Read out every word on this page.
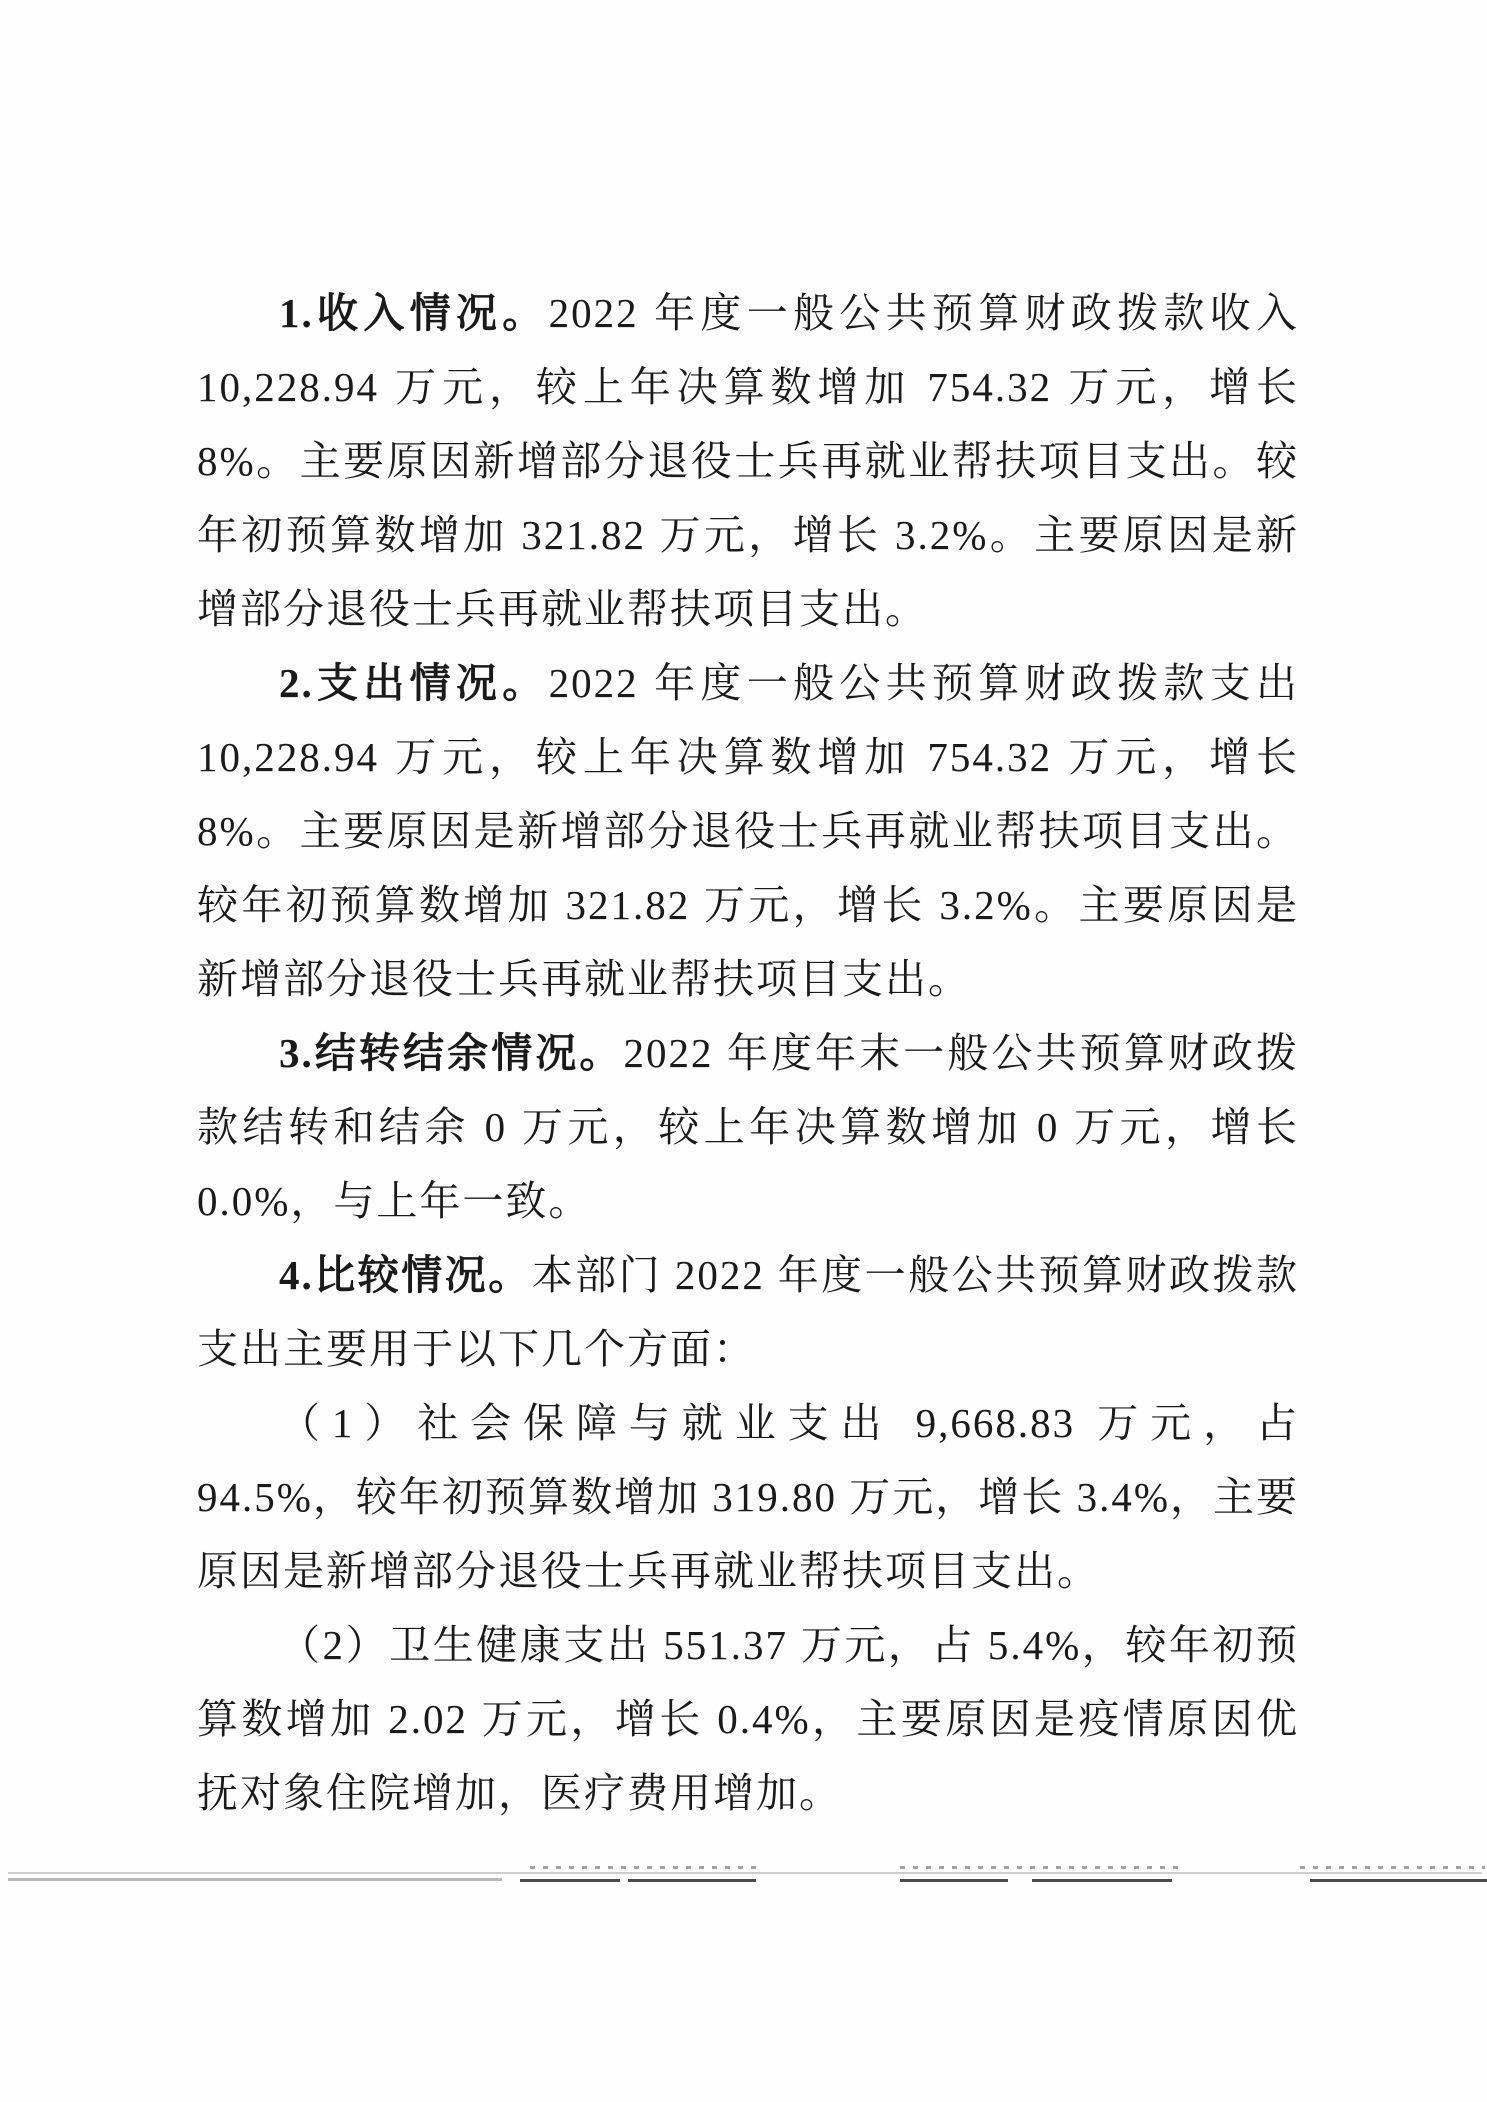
1.收入情况。2022 年度一般公共预算财政拨款收入 10,228.94 万元，较上年决算数增加 754.32 万元，增长 8%。主要原因新增部分退役士兵再就业帮扶项目支出。较年初预算数增加 321.82 万元，增长 3.2%。主要原因是新增部分退役士兵再就业帮扶项目支出。

2.支出情况。2022 年度一般公共预算财政拨款支出 10,228.94 万元，较上年决算数增加 754.32 万元，增长 8%。主要原因是新增部分退役士兵再就业帮扶项目支出。较年初预算数增加 321.82 万元，增长 3.2%。主要原因是新增部分退役士兵再就业帮扶项目支出。

3.结转结余情况。2022 年度年末一般公共预算财政拨款结转和结余 0 万元，较上年决算数增加 0 万元，增长 0.0%，与上年一致。

4.比较情况。本部门 2022 年度一般公共预算财政拨款支出主要用于以下几个方面：

（1）社会保障与就业支出 9,668.83 万元，占 94.5%，较年初预算数增加 319.80 万元，增长 3.4%，主要原因是新增部分退役士兵再就业帮扶项目支出。

（2）卫生健康支出 551.37 万元，占 5.4%，较年初预算数增加 2.02 万元，增长 0.4%，主要原因是疫情原因优抚对象住院增加，医疗费用增加。
